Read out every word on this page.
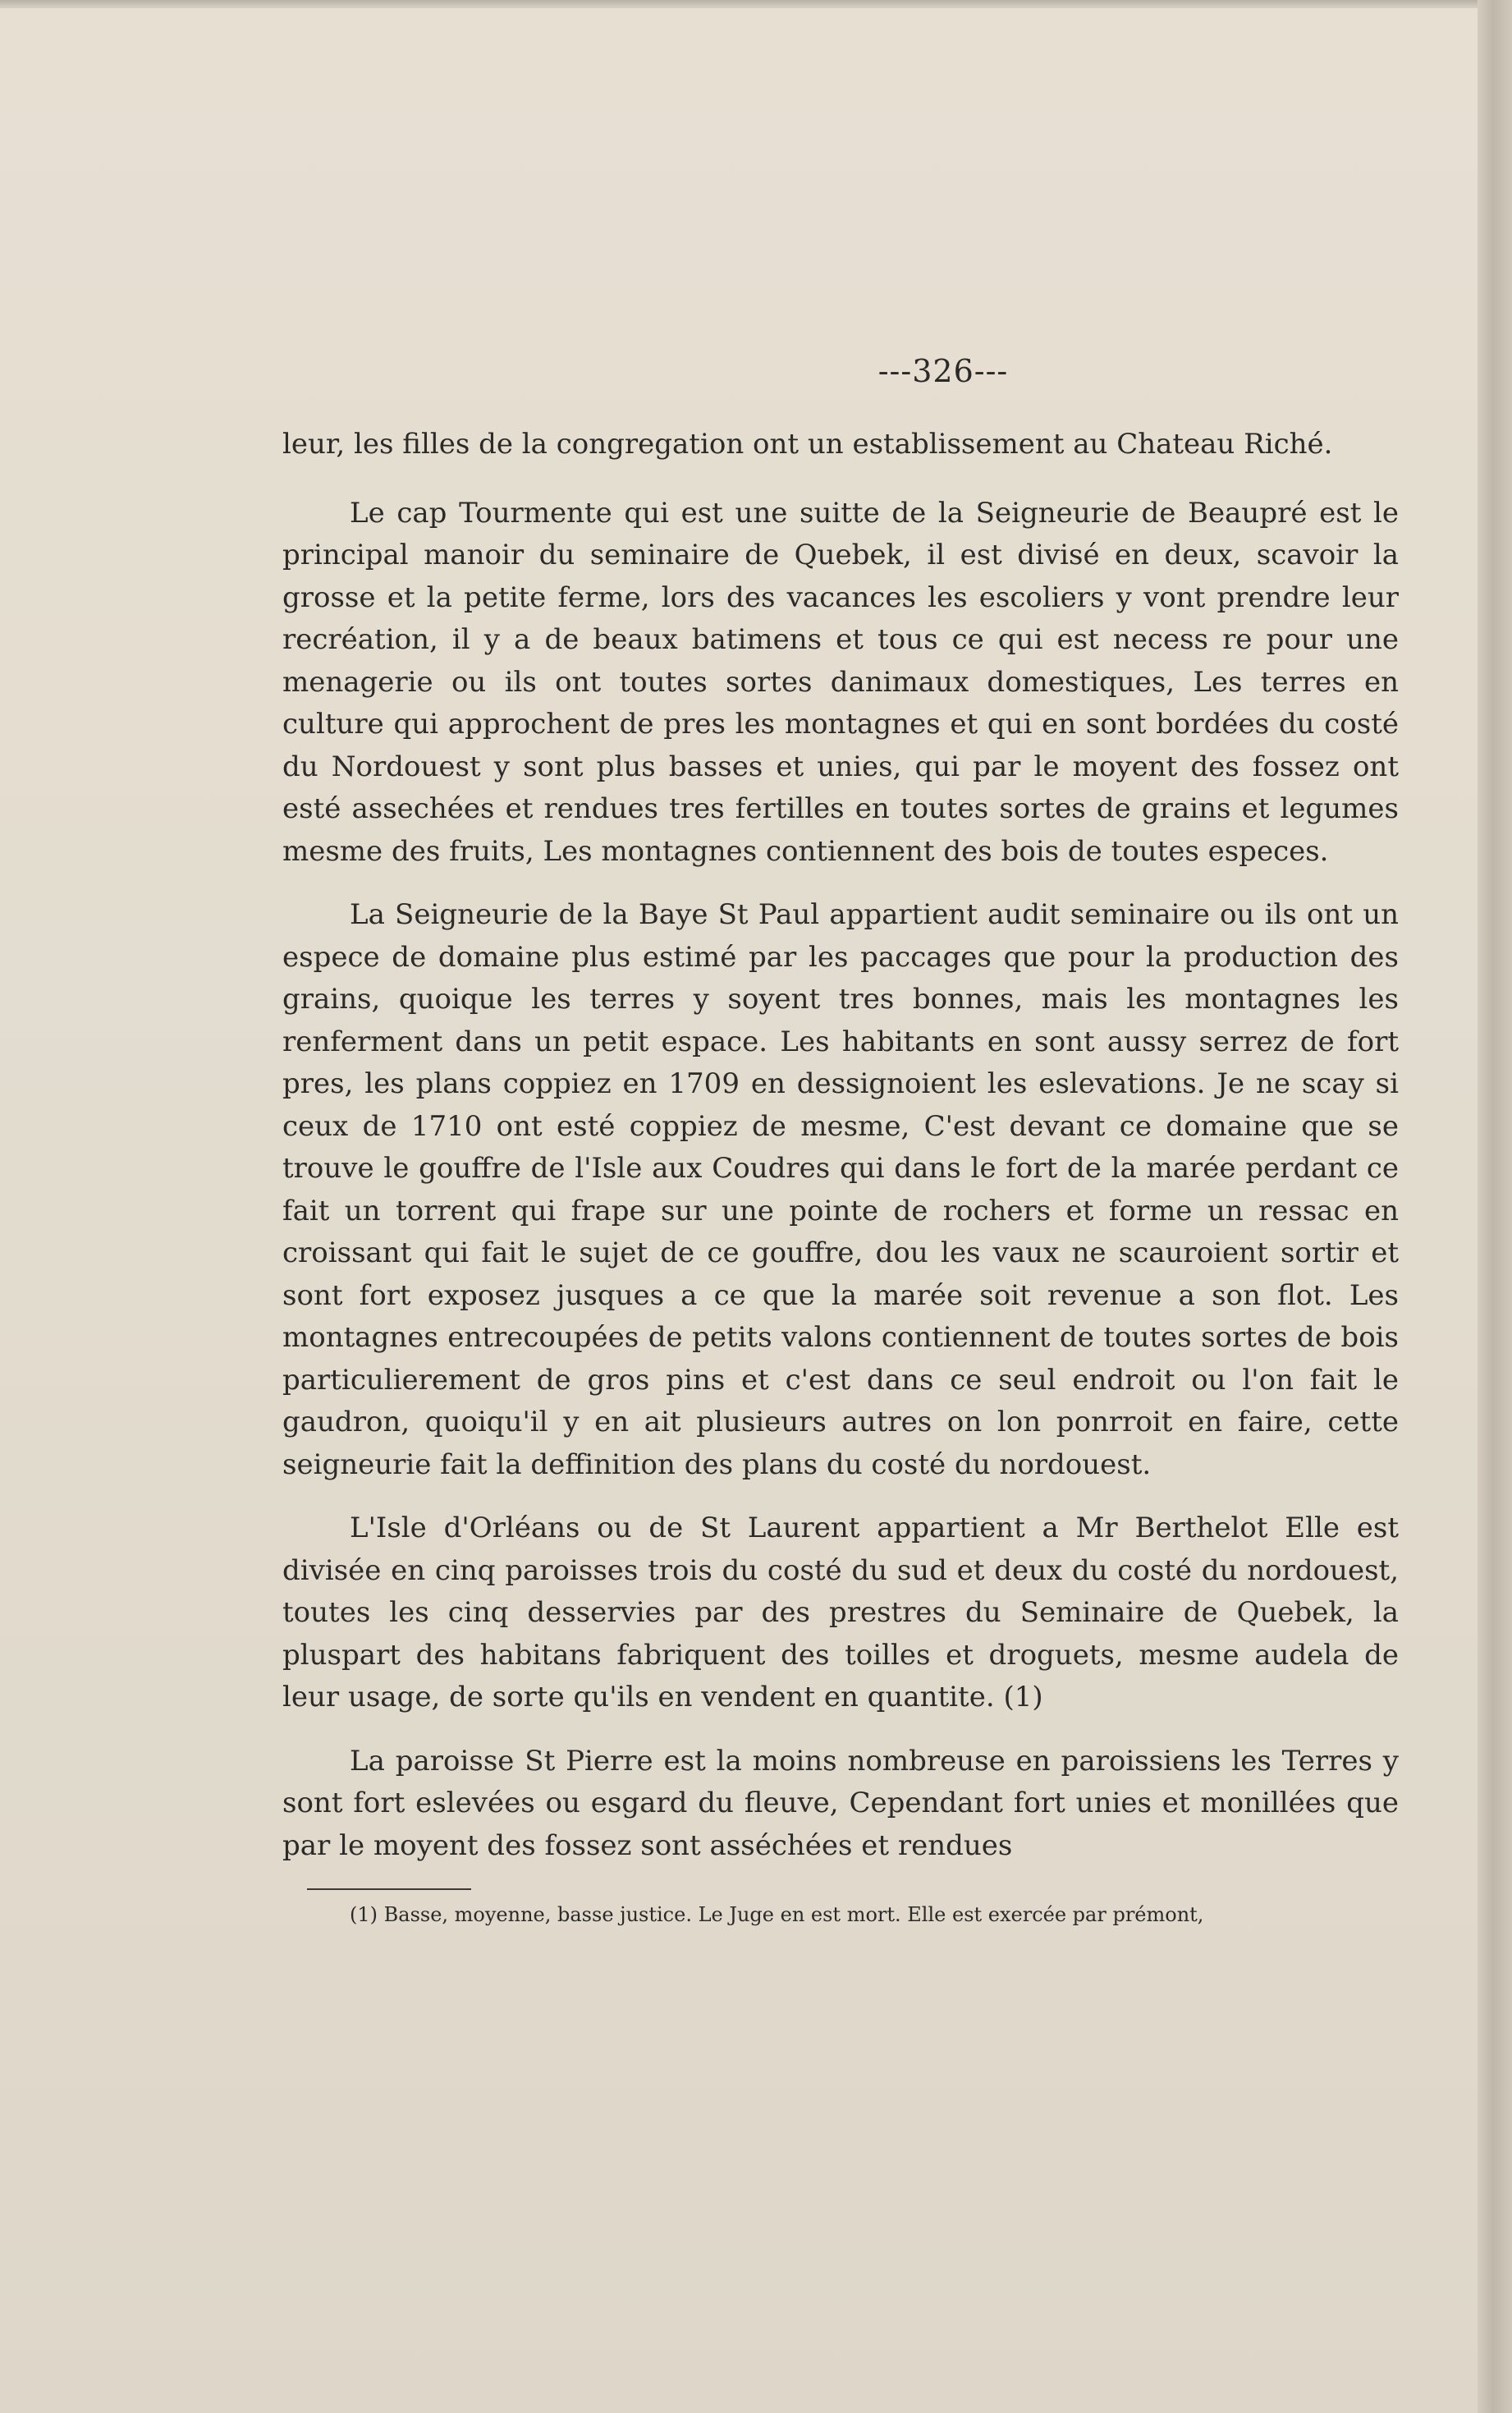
---326---

leur, les filles de la congregation ont un establissement au Chateau Riché.

Le cap Tourmente qui est une suitte de la Seigneurie de Beaupré est le principal manoir du seminaire de Quebek, il est divisé en deux, scavoir la grosse et la petite ferme, lors des vacances les escoliers y vont prendre leur recréation, il y a de beaux batimens et tous ce qui est necess re pour une menagerie ou ils ont toutes sortes danimaux domestiques, Les terres en culture qui approchent de pres les montagnes et qui en sont bordées du costé du Nordouest y sont plus basses et unies, qui par le moyent des fossez ont esté assechées et rendues tres fertilles en toutes sortes de grains et legumes mesme des fruits, Les montagnes contiennent des bois de toutes especes.

La Seigneurie de la Baye St Paul appartient audit seminaire ou ils ont un espece de domaine plus estimé par les paccages que pour la production des grains, quoique les terres y soyent tres bonnes, mais les montagnes les renferment dans un petit espace. Les habitants en sont aussy serrez de fort pres, les plans coppiez en 1709 en dessignoient les eslevations. Je ne scay si ceux de 1710 ont esté coppiez de mesme, C'est devant ce domaine que se trouve le gouffre de l'Isle aux Coudres qui dans le fort de la marée perdant ce fait un torrent qui frape sur une pointe de rochers et forme un ressac en croissant qui fait le sujet de ce gouffre, dou les vaux ne scauroient sortir et sont fort exposez jusques a ce que la marée soit revenue a son flot. Les montagnes entrecoupées de petits valons contiennent de toutes sortes de bois particulierement de gros pins et c'est dans ce seul endroit ou l'on fait le gaudron, quoiqu'il y en ait plusieurs autres on lon ponrroit en faire, cette seigneurie fait la deffinition des plans du costé du nordouest.

L'Isle d'Orléans ou de St Laurent appartient a Mr Berthelot Elle est divisée en cinq paroisses trois du costé du sud et deux du costé du nordouest, toutes les cinq desservies par des prestres du Seminaire de Quebek, la pluspart des habitans fabriquent des toilles et droguets, mesme audela de leur usage, de sorte qu'ils en vendent en quantite. (1)

La paroisse St Pierre est la moins nombreuse en paroissiens les Terres y sont fort eslevées ou esgard du fleuve, Cependant fort unies et monillées que par le moyent des fossez sont asséchées et rendues

(1) Basse, moyenne, basse justice. Le Juge en est mort. Elle est exercée par prémont,
